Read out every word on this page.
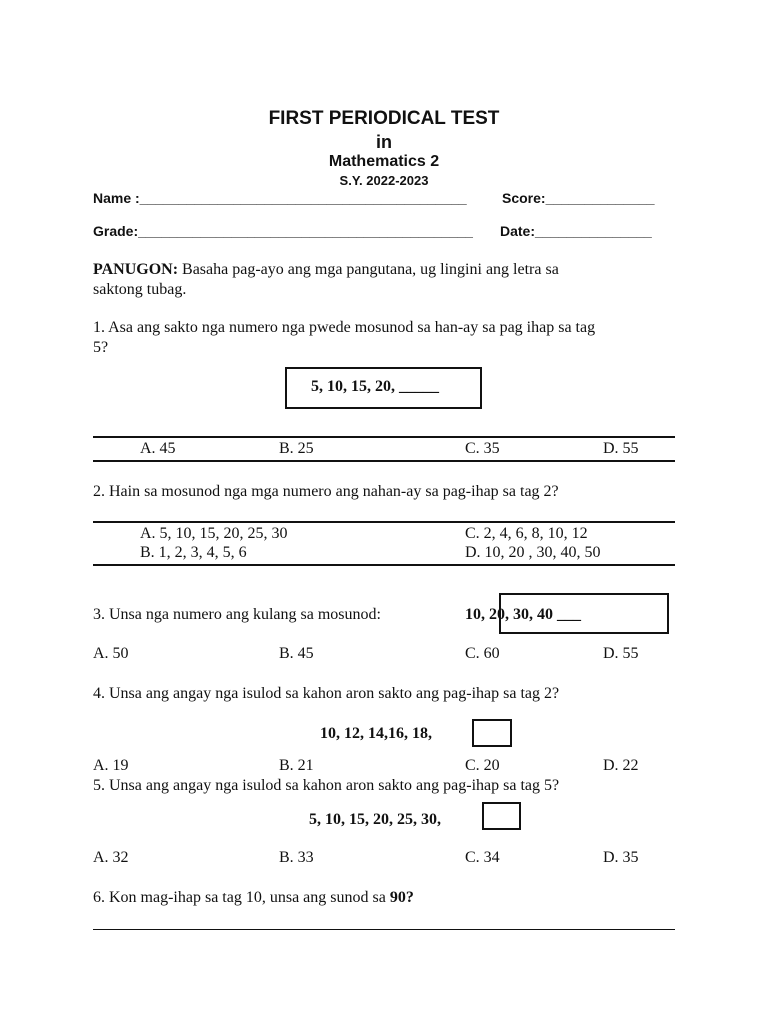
FIRST PERIODICAL TEST
in
Mathematics 2
S.Y. 2022-2023
Name :__________________________________________	Score:______________
Grade:___________________________________________ Date:_______________
PANUGON: Basaha pag-ayo ang mga pangutana, ug lingini ang letra sa
saktong tubag.
1. Asa ang sakto nga numero nga pwede mosunod sa han-ay sa pag ihap sa tag
5?
5, 10, 15, 20, _____
A. 45	B. 25	C. 35	D. 55
2. Hain sa mosunod nga mga numero ang nahan-ay sa pag-ihap sa tag 2?
A. 5, 10, 15, 20, 25, 30	C. 2, 4, 6, 8, 10, 12
B. 1, 2, 3, 4, 5, 6	D. 10, 20 , 30, 40, 50
3. Unsa nga numero ang kulang sa mosunod:	10, 20, 30, 40 ___
A. 50	B. 45	C. 60	D. 55
4. Unsa ang angay nga isulod sa kahon aron sakto ang pag-ihap sa tag 2?
10, 12, 14,16, 18,
A. 19	B. 21	C. 20	D. 22
5. Unsa ang angay nga isulod sa kahon aron sakto ang pag-ihap sa tag 5?
5, 10, 15, 20, 25, 30,
A. 32	B. 33	C. 34	D. 35
6. Kon mag-ihap sa tag 10, unsa ang sunod sa 90?
